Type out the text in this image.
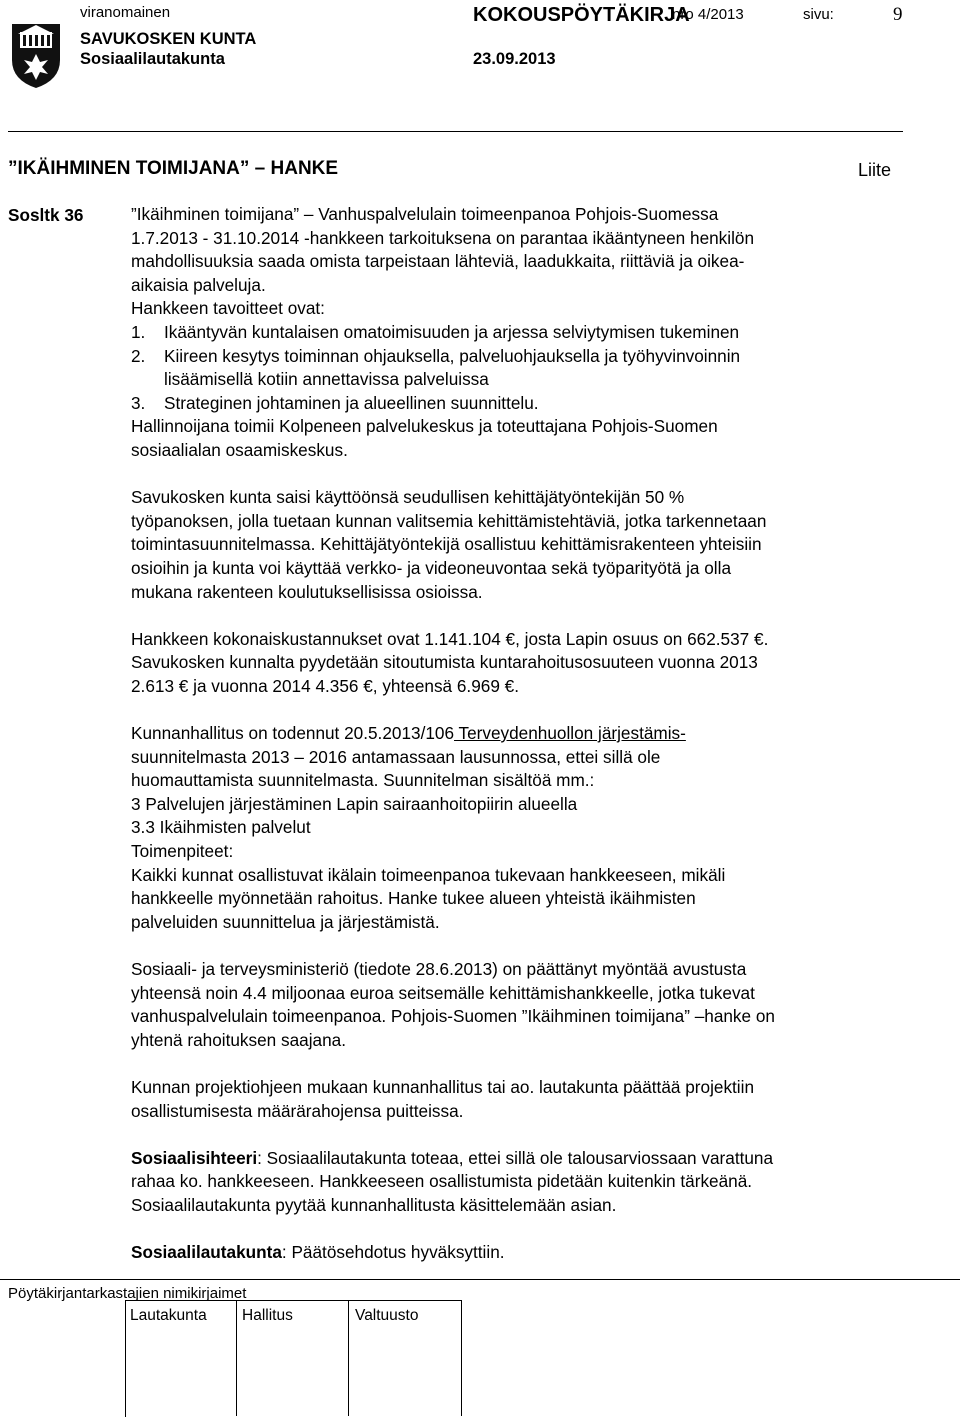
viranomainen
SAVUKOSKEN KUNTA
Sosiaalilautakunta
KOKOUSPÖYTÄKIRJA
nro 4/2013	sivu:	9
23.09.2013
”IKÄIHMINEN TOIMIJANA” – HANKE	Liite
Sosltk 36	”Ikäihminen toimijana” – Vanhuspalvelulain toimeenpanoa Pohjois-Suomessa
1.7.2013 - 31.10.2014 -hankkeen tarkoituksena on parantaa ikääntyneen henkilön
mahdollisuuksia saada omista tarpeistaan lähteviä, laadukkaita, riittäviä ja oikea-
aikaisia palveluja.
Hankkeen tavoitteet ovat:
1. Ikääntyvän kuntalaisen omatoimisuuden ja arjessa selviytymisen tukeminen
2. Kiireen kesytys toiminnan ohjauksella, palveluohjauksella ja työhyvinvoinnin
lisäämisellä kotiin annettavissa palveluissa
3. Strateginen johtaminen ja alueellinen suunnittelu.
Hallinnoijana toimii Kolpeneen palvelukeskus ja toteuttajana Pohjois-Suomen
sosiaalialan osaamiskeskus.
Savukosken kunta saisi käyttöönsä seudullisen kehittäjätyöntekijän 50 %
työpanoksen, jolla tuetaan kunnan valitsemia kehittämistehtäviä, jotka tarkennetaan
toimintasuunnitelmassa. Kehittäjätyöntekijä osallistuu kehittämisrakenteen yhteisiin
osioihin ja kunta voi käyttää verkko- ja videoneuvontaa sekä työparityötä ja olla
mukana rakenteen koulutuksellisissa osioissa.
Hankkeen kokonaiskustannukset ovat 1.141.104 €, josta Lapin osuus on 662.537 €.
Savukosken kunnalta pyydetään sitoutumista kuntarahoitusosuuteen vuonna 2013
2.613 € ja vuonna 2014 4.356 €, yhteensä 6.969 €.
Kunnanhallitus on todennut 20.5.2013/106 Terveydenhuollon järjestämis-
suunnitelmasta 2013 – 2016 antamassaan lausunnossa, ettei sillä ole
huomauttamista suunnitelmasta. Suunnitelman sisältöä mm.:
3 Palvelujen järjestäminen Lapin sairaanhoitopiirin alueella
3.3 Ikäihmisten palvelut
Toimenpiteet:
Kaikki kunnat osallistuvat ikälain toimeenpanoa tukevaan hankkeeseen, mikäli
hankkeelle myönnetään rahoitus. Hanke tukee alueen yhteistä ikäihmisten
palveluiden suunnittelua ja järjestämistä.
Sosiaali- ja terveysministeriö (tiedote 28.6.2013) on päättänyt myöntää avustusta
yhteensä noin 4.4 miljoonaa euroa seitsemälle kehittämishankkeelle, jotka tukevat
vanhuspalvelulain toimeenpanoa. Pohjois-Suomen ”Ikäihminen toimijana” –hanke on
yhtenä rahoituksen saajana.
Kunnan projektiohjeen mukaan kunnanhallitus tai ao. lautakunta päättää projektiin
osallistumisesta määrärahojensa puitteissa.
Sosiaalisihteeri: Sosiaalilautakunta toteaa, ettei sillä ole talousarviossaan varattuna
rahaa ko. hankkeeseen. Hankkeeseen osallistumista pidetään kuitenkin tärkeänä.
Sosiaalilautakunta pyytää kunnanhallitusta käsittelemään asian.
Sosiaalilautakunta: Päätösehdotus hyväksyttiin.
Pöytäkirjantarkastajien nimikirjaimet
Lautakunta Hallitus	Valtuusto
